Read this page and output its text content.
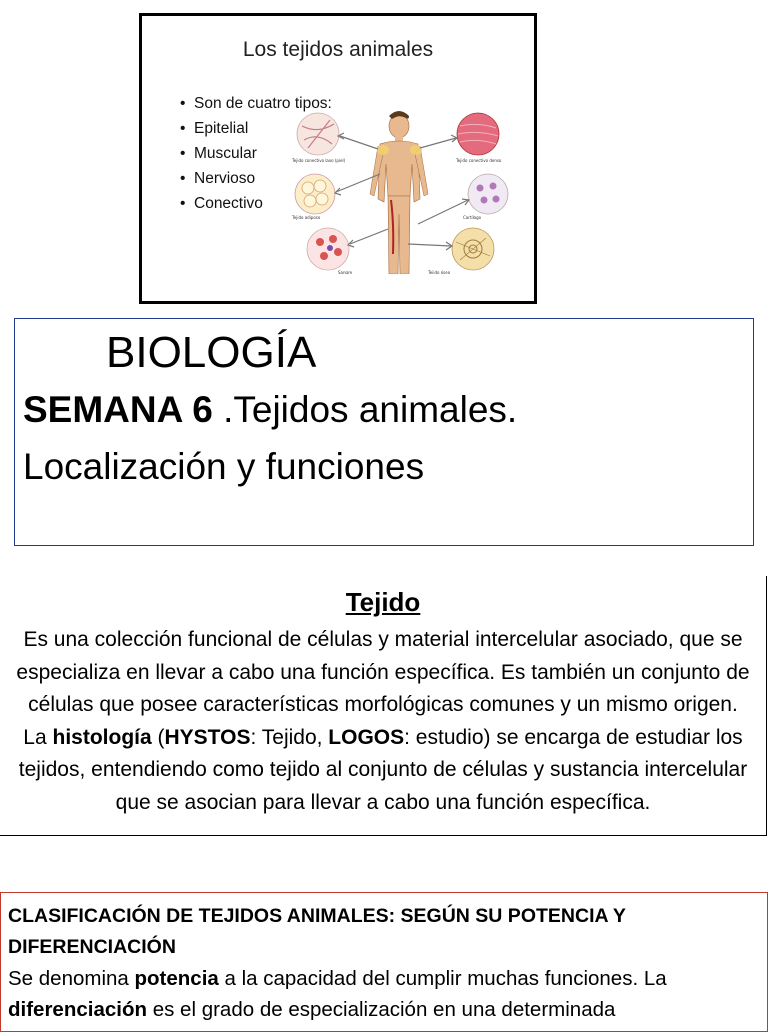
Los tejidos animales
• Son de cuatro tipos:
• Epitelial
• Muscular
• Nervioso
• Conectivo
Tejido conectivo laxo (piel)
Tejido adiposo
Sangre
Tejido conectivo denso
Cartílago
Tejido óseo
BIOLOGÍA
SEMANA 6 .Tejidos animales.
Localización y funciones
Tejido
Es una colección funcional de células y material intercelular asociado, que se especializa en llevar a cabo una función específica. Es también un conjunto de células que posee características morfológicas comunes y un mismo origen.
La histología (HYSTOS: Tejido, LOGOS: estudio) se encarga de estudiar los tejidos, entendiendo como tejido al conjunto de células y sustancia intercelular que se asocian para llevar a cabo una función específica.
CLASIFICACIÓN DE TEJIDOS ANIMALES: SEGÚN SU POTENCIA Y DIFERENCIACIÓN
Se denomina potencia a la capacidad del cumplir muchas funciones. La diferenciación es el grado de especialización en una determinada
